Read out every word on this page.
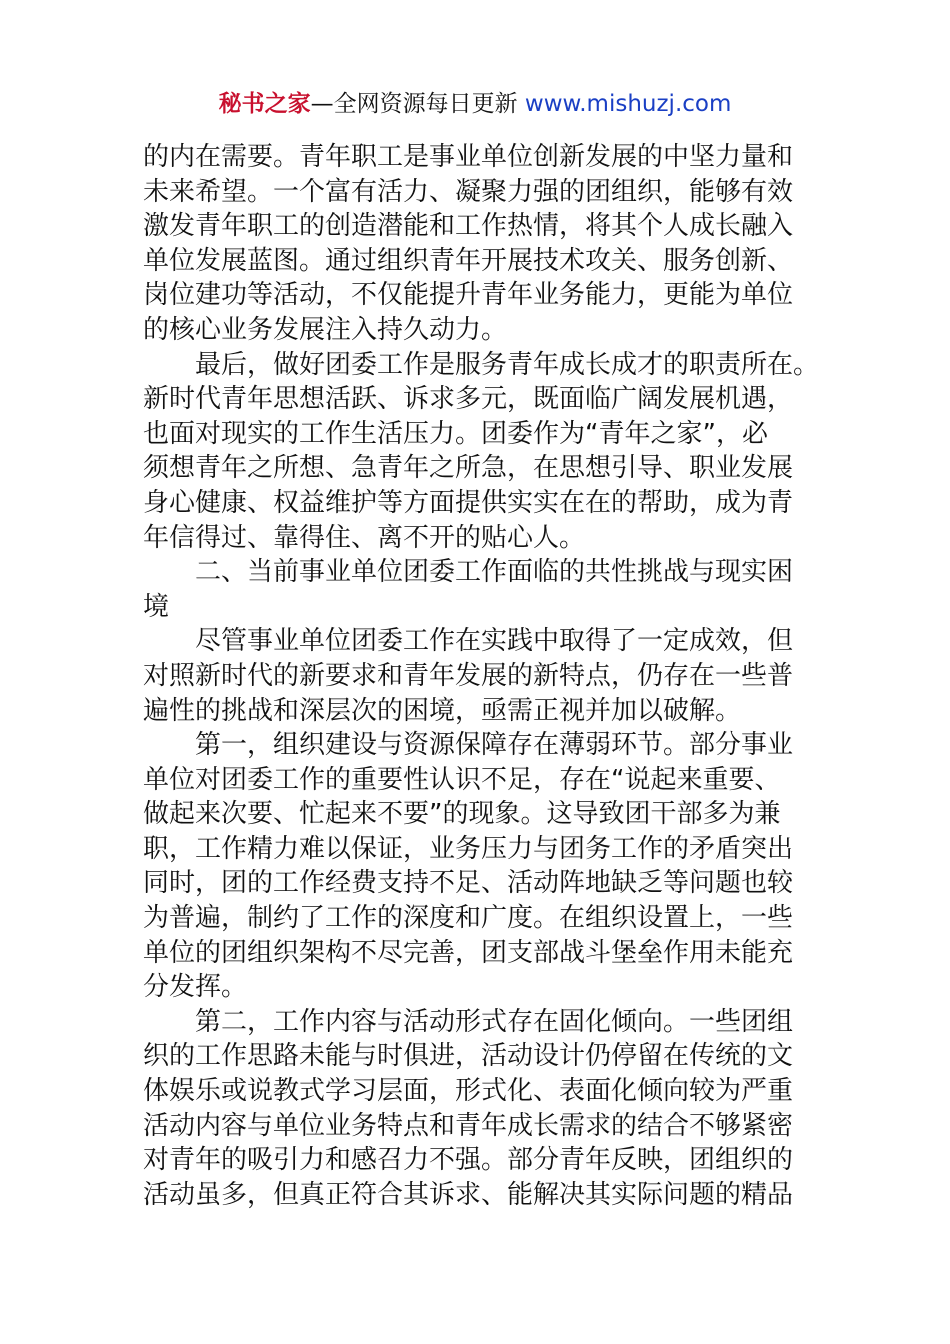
秘书之家—全网资源每日更新 www.mishuzj.com
的内在需要。青年职工是事业单位创新发展的中坚力量和
未来希望。一个富有活力、凝聚力强的团组织，能够有效
激发青年职工的创造潜能和工作热情，将其个人成长融入
单位发展蓝图。通过组织青年开展技术攻关、服务创新、
岗位建功等活动，不仅能提升青年业务能力，更能为单位
的核心业务发展注入持久动力。
　　最后，做好团委工作是服务青年成长成才的职责所在。
新时代青年思想活跃、诉求多元，既面临广阔发展机遇，
也面对现实的工作生活压力。团委作为“青年之家”，必
须想青年之所想、急青年之所急，在思想引导、职业发展
身心健康、权益维护等方面提供实实在在的帮助，成为青
年信得过、靠得住、离不开的贴心人。
　　二、当前事业单位团委工作面临的共性挑战与现实困
境
　　尽管事业单位团委工作在实践中取得了一定成效，但
对照新时代的新要求和青年发展的新特点，仍存在一些普
遍性的挑战和深层次的困境，亟需正视并加以破解。
　　第一，组织建设与资源保障存在薄弱环节。部分事业
单位对团委工作的重要性认识不足，存在“说起来重要、
做起来次要、忙起来不要”的现象。这导致团干部多为兼
职，工作精力难以保证，业务压力与团务工作的矛盾突出
同时，团的工作经费支持不足、活动阵地缺乏等问题也较
为普遍，制约了工作的深度和广度。在组织设置上，一些
单位的团组织架构不尽完善，团支部战斗堡垒作用未能充
分发挥。
　　第二，工作内容与活动形式存在固化倾向。一些团组
织的工作思路未能与时俱进，活动设计仍停留在传统的文
体娱乐或说教式学习层面，形式化、表面化倾向较为严重
活动内容与单位业务特点和青年成长需求的结合不够紧密
对青年的吸引力和感召力不强。部分青年反映，团组织的
活动虽多，但真正符合其诉求、能解决其实际问题的精品
